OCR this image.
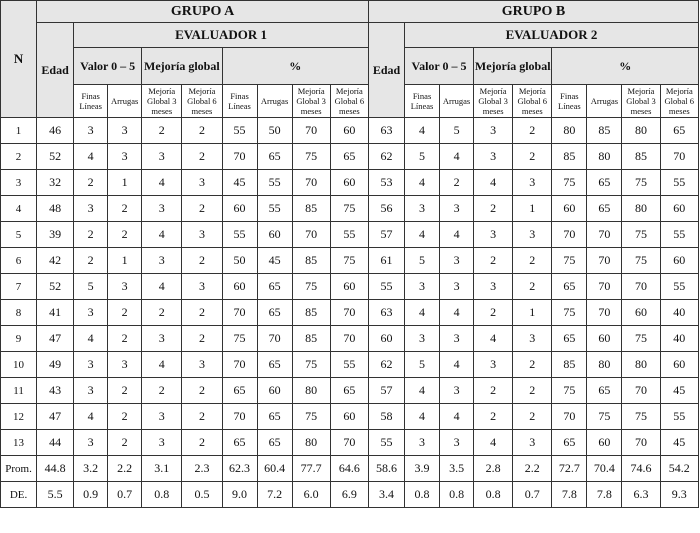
N	GRUPO A									GRUPO B								
	Edad	EVALUADOR 1								Edad	EVALUADOR 2							
		Valor 0 – 5		Mejoría global		%					Valor 0 – 5		Mejoría global		%			
		Finas Líneas	Arrugas	Mejoría Global 3 meses	Mejoría Global 6 meses	Finas Líneas	Arrugas	Mejoría Global 3 meses	Mejoría Global 6 meses		Finas Líneas	Arrugas	Mejoría Global 3 meses	Mejoría Global 6 meses	Finas Líneas	Arrugas	Mejoría Global 3 meses	Mejoría Global 6 meses
1	46	3	3	2	2	55	50	70	60	63	4	5	3	2	80	85	80	65
2	52	4	3	3	2	70	65	75	65	62	5	4	3	2	85	80	85	70
3	32	2	1	4	3	45	55	70	60	53	4	2	4	3	75	65	75	55
4	48	3	2	3	2	60	55	85	75	56	3	3	2	1	60	65	80	60
5	39	2	2	4	3	55	60	70	55	57	4	4	3	3	70	70	75	55
6	42	2	1	3	2	50	45	85	75	61	5	3	2	2	75	70	75	60
7	52	5	3	4	3	60	65	75	60	55	3	3	3	2	65	70	70	55
8	41	3	2	2	2	70	65	85	70	63	4	4	2	1	75	70	60	40
9	47	4	2	3	2	75	70	85	70	60	3	3	4	3	65	60	75	40
10	49	3	3	4	3	70	65	75	55	62	5	4	3	2	85	80	80	60
11	43	3	2	2	2	65	60	80	65	57	4	3	2	2	75	65	70	45
12	47	4	2	3	2	70	65	75	60	58	4	4	2	2	70	75	75	55
13	44	3	2	3	2	65	65	80	70	55	3	3	4	3	65	60	70	45
Prom.	44.8	3.2	2.2	3.1	2.3	62.3	60.4	77.7	64.6	58.6	3.9	3.5	2.8	2.2	72.7	70.4	74.6	54.2
DE.	5.5	0.9	0.7	0.8	0.5	9.0	7.2	6.0	6.9	3.4	0.8	0.8	0.8	0.7	7.8	7.8	6.3	9.3
